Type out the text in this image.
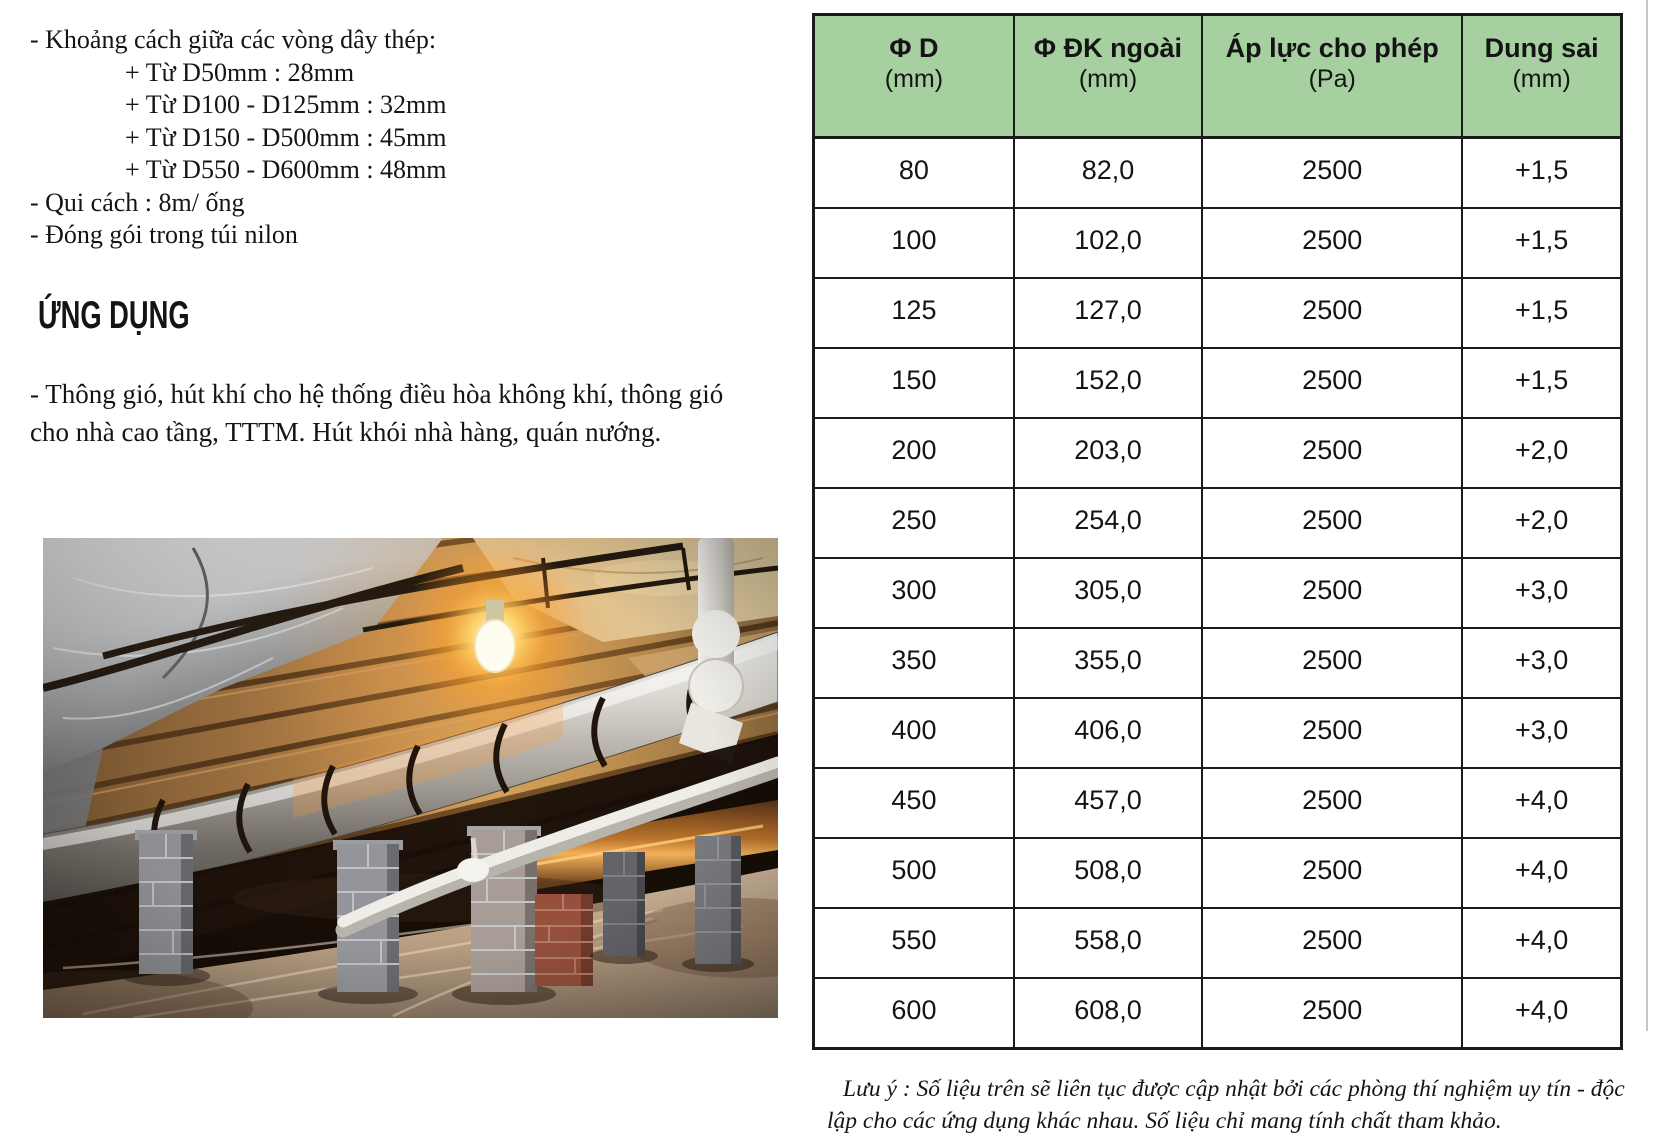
- Khoảng cách giữa các vòng dây thép:
+ Từ D50mm : 28mm
+ Từ D100 - D125mm : 32mm
+ Từ D150 - D500mm : 45mm
+ Từ D550 - D600mm : 48mm
- Qui cách : 8m/ ống
- Đóng gói trong túi nilon
ỨNG DỤNG

- Thông gió, hút khí cho hệ thống điều hòa không khí, thông gió cho nhà cao tầng, TTTM. Hút khói nhà hàng, quán nướng.

Φ D
(mm)

Φ ĐK ngoài
(mm)

Áp lực cho phép
(Pa)

Dung sai
(mm)

80	82,0	2500	+1,5
100	102,0	2500	+1,5
125	127,0	2500	+1,5
150	152,0	2500	+1,5
200	203,0	2500	+2,0
250	254,0	2500	+2,0
300	305,0	2500	+3,0
350	355,0	2500	+3,0
400	406,0	2500	+3,0
450	457,0	2500	+4,0
500	508,0	2500	+4,0
550	558,0	2500	+4,0
600	608,0	2500	+4,0

Lưu ý : Số liệu trên sẽ liên tục được cập nhật bởi các phòng thí nghiệm uy tín - độc lập cho các ứng dụng khác nhau. Số liệu chỉ mang tính chất tham khảo.
